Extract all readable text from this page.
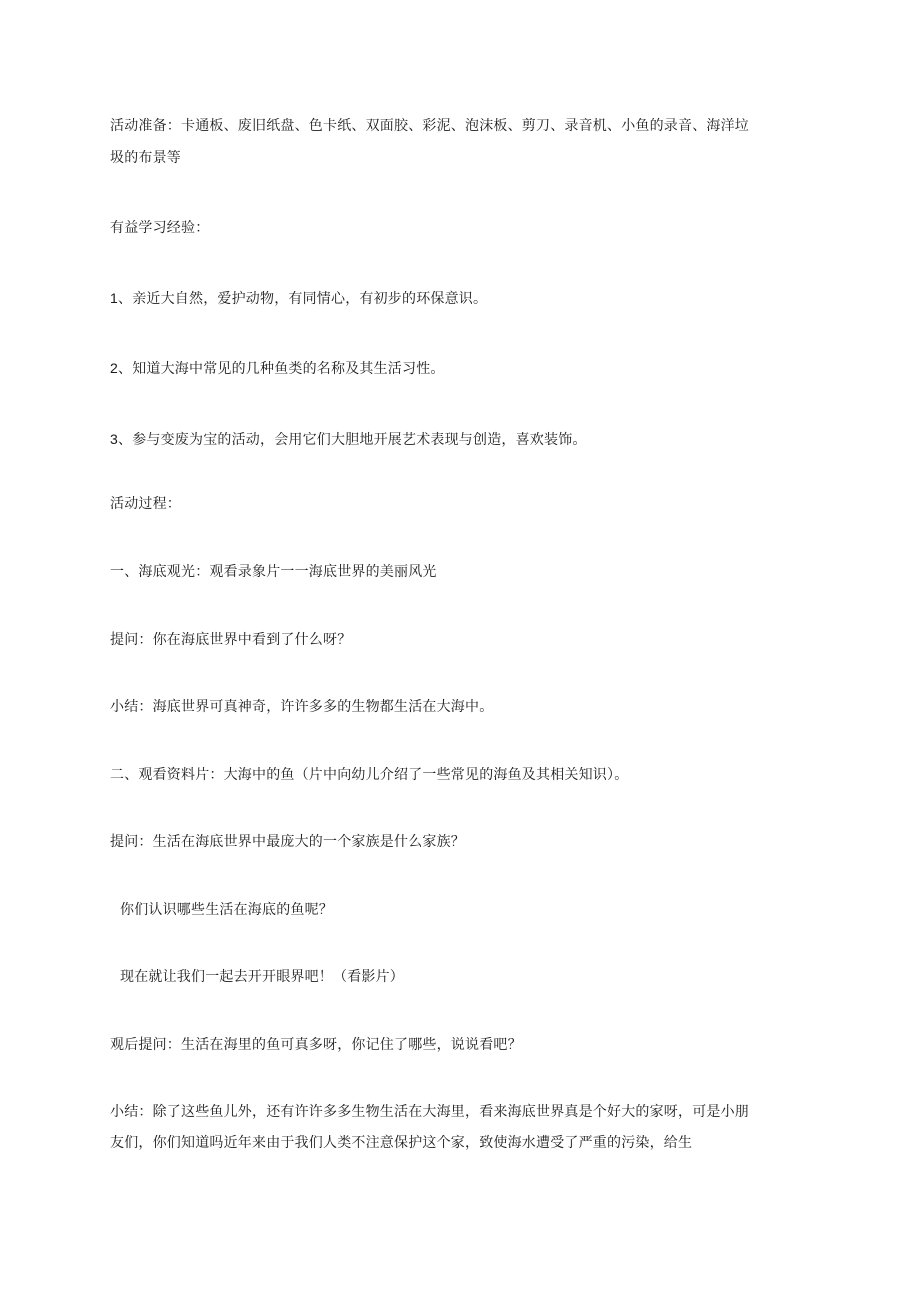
活动准备：卡通板、废旧纸盘、色卡纸、双面胶、彩泥、泡沫板、剪刀、录音机、小鱼的录音、海洋垃
圾的布景等
有益学习经验：
1、亲近大自然，爱护动物，有同情心，有初步的环保意识。
2、知道大海中常见的几种鱼类的名称及其生活习性。
3、参与变废为宝的活动，会用它们大胆地开展艺术表现与创造，喜欢装饰。
活动过程：
一、海底观光：观看录象片一一海底世界的美丽风光
提问：你在海底世界中看到了什么呀？
小结：海底世界可真神奇，许许多多的生物都生活在大海中。
二、观看资料片：大海中的鱼（片中向幼儿介绍了一些常见的海鱼及其相关知识）。
提问：生活在海底世界中最庞大的一个家族是什么家族？
你们认识哪些生活在海底的鱼呢？
现在就让我们一起去开开眼界吧！（看影片）
观后提问：生活在海里的鱼可真多呀，你记住了哪些，说说看吧？
小结：除了这些鱼儿外，还有许许多多生物生活在大海里，看来海底世界真是个好大的家呀，可是小朋
友们，你们知道吗近年来由于我们人类不注意保护这个家，致使海水遭受了严重的污染，给生
